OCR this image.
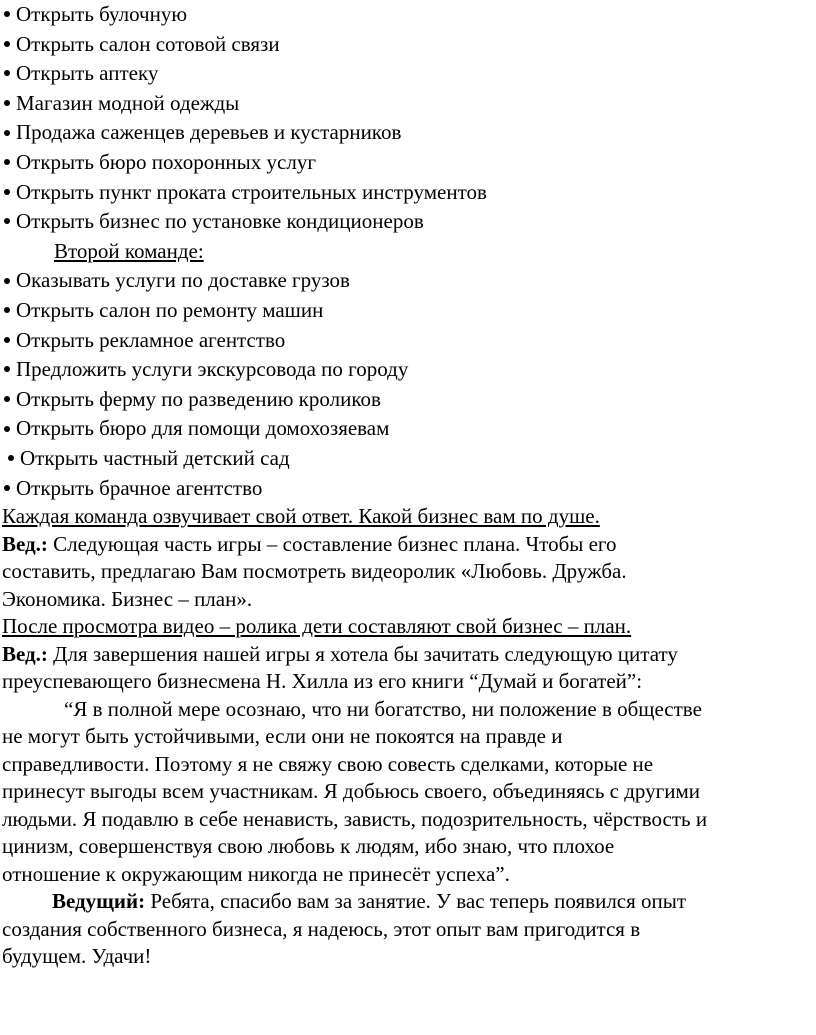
Открыть булочную
Открыть салон сотовой связи
Открыть аптеку
Магазин модной одежды
Продажа саженцев деревьев и кустарников
Открыть бюро похоронных услуг
Открыть пункт проката строительных инструментов
Открыть бизнес по установке кондиционеров
Второй команде:
Оказывать услуги по доставке грузов
Открыть салон по ремонту машин
Открыть рекламное агентство
Предложить услуги экскурсовода по городу
Открыть ферму по разведению кроликов
Открыть бюро для помощи домохозяевам
Открыть частный детский сад
Открыть брачное агентство

Каждая команда озвучивает свой ответ. Какой бизнес вам по душе.

Вед.: Следующая часть игры – составление бизнес плана. Чтобы его

составить, предлагаю Вам посмотреть видеоролик «Любовь. Дружба.

Экономика. Бизнес – план».

После просмотра видео – ролика дети составляют свой бизнес – план.

Вед.: Для завершения нашей игры я хотела бы зачитать следующую цитату

преуспевающего бизнесмена Н. Хилла из его книги “Думай и богатей”:

“Я в полной мере осознаю, что ни богатство, ни положение в обществе

не могут быть устойчивыми, если они не покоятся на правде и

справедливости. Поэтому я не свяжу свою совесть сделками, которые не

принесут выгоды всем участникам. Я добьюсь своего, объединяясь с другими

людьми. Я подавлю в себе ненависть, зависть, подозрительность, чёрствость и

цинизм, совершенствуя свою любовь к людям, ибо знаю, что плохое

отношение к окружающим никогда не принесёт успеха”.

Ведущий: Ребята, спасибо вам за занятие. У вас теперь появился опыт

создания собственного бизнеса, я надеюсь, этот опыт вам пригодится в

будущем. Удачи!
